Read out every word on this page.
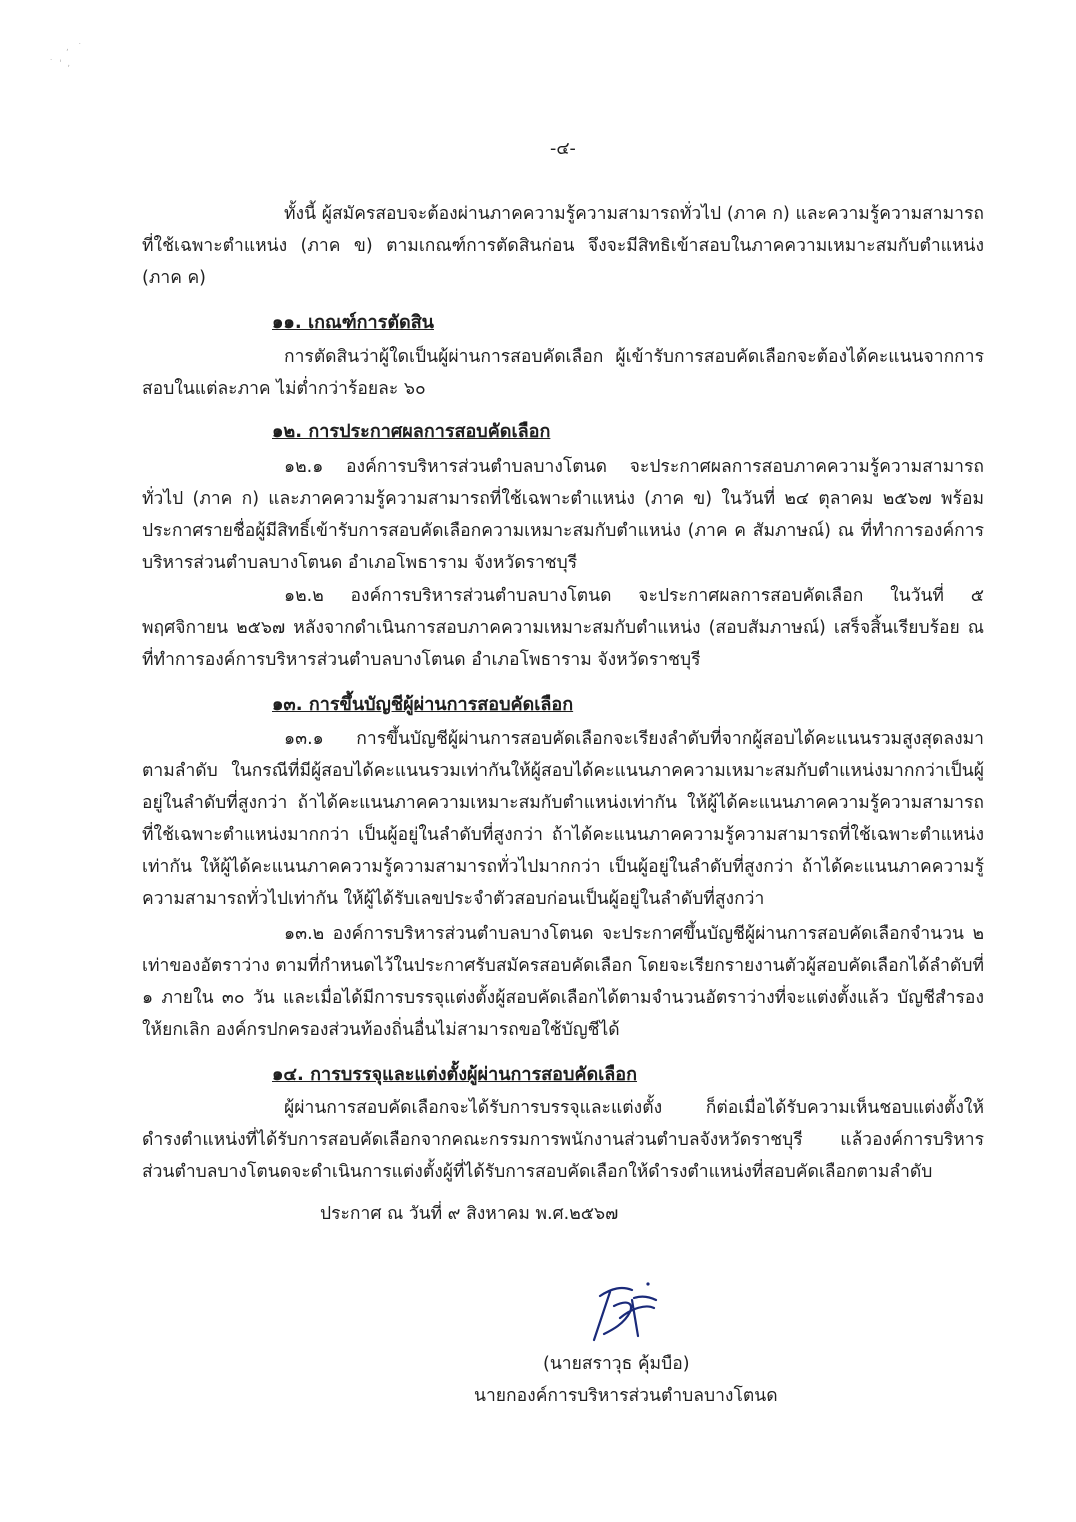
,   ˙
˙  '  ,
-๔-

ทั้งนี้ ผู้สมัครสอบจะต้องผ่านภาคความรู้ความสามารถทั่วไป (ภาค ก) และความรู้ความสามารถที่ใช้เฉพาะตำแหน่ง (ภาค ข) ตามเกณฑ์การตัดสินก่อน จึงจะมีสิทธิเข้าสอบในภาคความเหมาะสมกับตำแหน่ง (ภาค ค)

๑๑. เกณฑ์การตัดสิน

การตัดสินว่าผู้ใดเป็นผู้ผ่านการสอบคัดเลือก ผู้เข้ารับการสอบคัดเลือกจะต้องได้คะแนนจากการสอบในแต่ละภาค ไม่ต่ำกว่าร้อยละ ๖๐

๑๒. การประกาศผลการสอบคัดเลือก

๑๒.๑ องค์การบริหารส่วนตำบลบางโตนด จะประกาศผลการสอบภาคความรู้ความสามารถทั่วไป (ภาค ก) และภาคความรู้ความสามารถที่ใช้เฉพาะตำแหน่ง (ภาค ข) ในวันที่ ๒๔ ตุลาคม ๒๕๖๗ พร้อมประกาศรายชื่อผู้มีสิทธิ์เข้ารับการสอบคัดเลือกความเหมาะสมกับตำแหน่ง (ภาค ค สัมภาษณ์) ณ ที่ทำการองค์การบริหารส่วนตำบลบางโตนด อำเภอโพธาราม จังหวัดราชบุรี

๑๒.๒ องค์การบริหารส่วนตำบลบางโตนด จะประกาศผลการสอบคัดเลือก ในวันที่ ๕ พฤศจิกายน ๒๕๖๗ หลังจากดำเนินการสอบภาคความเหมาะสมกับตำแหน่ง (สอบสัมภาษณ์) เสร็จสิ้นเรียบร้อย ณ ที่ทำการองค์การบริหารส่วนตำบลบางโตนด อำเภอโพธาราม จังหวัดราชบุรี

๑๓. การขึ้นบัญชีผู้ผ่านการสอบคัดเลือก

๑๓.๑ การขึ้นบัญชีผู้ผ่านการสอบคัดเลือกจะเรียงลำดับที่จากผู้สอบได้คะแนนรวมสูงสุดลงมาตามลำดับ ในกรณีที่มีผู้สอบได้คะแนนรวมเท่ากันให้ผู้สอบได้คะแนนภาคความเหมาะสมกับตำแหน่งมากกว่าเป็นผู้อยู่ในลำดับที่สูงกว่า ถ้าได้คะแนนภาคความเหมาะสมกับตำแหน่งเท่ากัน ให้ผู้ได้คะแนนภาคความรู้ความสามารถที่ใช้เฉพาะตำแหน่งมากกว่า เป็นผู้อยู่ในลำดับที่สูงกว่า ถ้าได้คะแนนภาคความรู้ความสามารถที่ใช้เฉพาะตำแหน่งเท่ากัน ให้ผู้ได้คะแนนภาคความรู้ความสามารถทั่วไปมากกว่า เป็นผู้อยู่ในลำดับที่สูงกว่า ถ้าได้คะแนนภาคความรู้ความสามารถทั่วไปเท่ากัน ให้ผู้ได้รับเลขประจำตัวสอบก่อนเป็นผู้อยู่ในลำดับที่สูงกว่า

๑๓.๒ องค์การบริหารส่วนตำบลบางโตนด จะประกาศขึ้นบัญชีผู้ผ่านการสอบคัดเลือกจำนวน ๒ เท่าของอัตราว่าง ตามที่กำหนดไว้ในประกาศรับสมัครสอบคัดเลือก โดยจะเรียกรายงานตัวผู้สอบคัดเลือกได้ลำดับที่ ๑ ภายใน ๓๐ วัน และเมื่อได้มีการบรรจุแต่งตั้งผู้สอบคัดเลือกได้ตามจำนวนอัตราว่างที่จะแต่งตั้งแล้ว บัญชีสำรองให้ยกเลิก องค์กรปกครองส่วนท้องถิ่นอื่นไม่สามารถขอใช้บัญชีได้

๑๔. การบรรจุและแต่งตั้งผู้ผ่านการสอบคัดเลือก

ผู้ผ่านการสอบคัดเลือกจะได้รับการบรรจุและแต่งตั้ง ก็ต่อเมื่อได้รับความเห็นชอบแต่งตั้งให้ดำรงตำแหน่งที่ได้รับการสอบคัดเลือกจากคณะกรรมการพนักงานส่วนตำบลจังหวัดราชบุรี แล้วองค์การบริหารส่วนตำบลบางโตนดจะดำเนินการแต่งตั้งผู้ที่ได้รับการสอบคัดเลือกให้ดำรงตำแหน่งที่สอบคัดเลือกตามลำดับ

ประกาศ ณ วันที่ ๙ สิงหาคม พ.ศ.๒๕๖๗
(นายสราวุธ คุ้มบือ)
นายกองค์การบริหารส่วนตำบลบางโตนด
